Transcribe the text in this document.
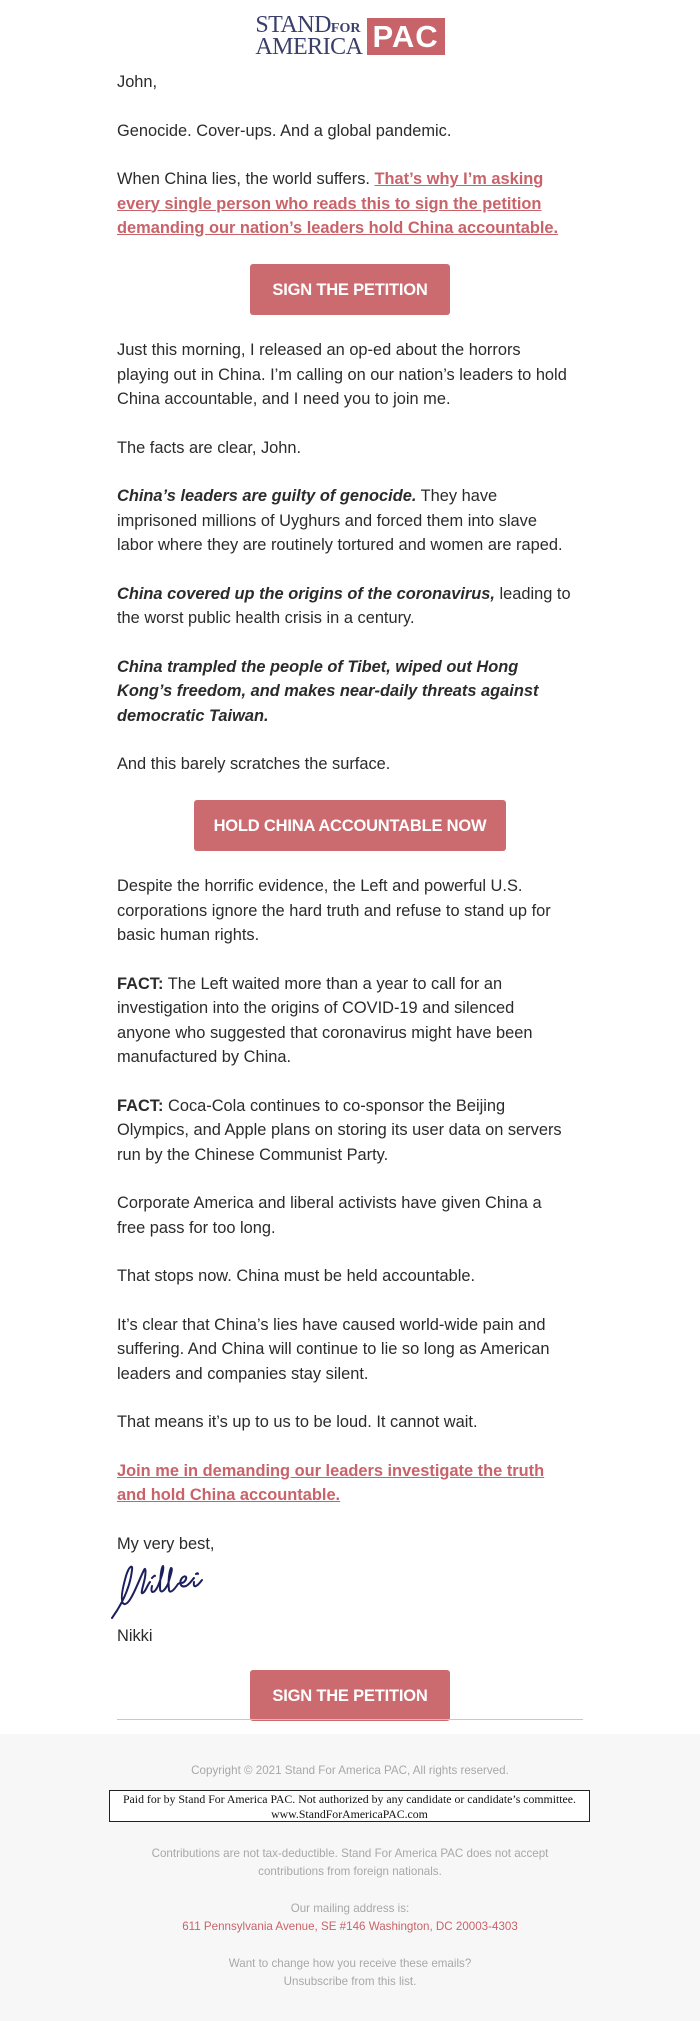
STANDFOR
AMERICA PAC

John,

Genocide. Cover-ups. And a global pandemic.

When China lies, the world suffers. That’s why I’m asking every single person who reads this to sign the petition demanding our nation’s leaders hold China accountable.

SIGN THE PETITION

Just this morning, I released an op-ed about the horrors playing out in China. I’m calling on our nation’s leaders to hold China accountable, and I need you to join me.

The facts are clear, John.

China’s leaders are guilty of genocide. They have imprisoned millions of Uyghurs and forced them into slave labor where they are routinely tortured and women are raped.

China covered up the origins of the coronavirus, leading to the worst public health crisis in a century.

China trampled the people of Tibet, wiped out Hong Kong’s freedom, and makes near-daily threats against democratic Taiwan.

And this barely scratches the surface.

HOLD CHINA ACCOUNTABLE NOW

Despite the horrific evidence, the Left and powerful U.S. corporations ignore the hard truth and refuse to stand up for basic human rights.

FACT: The Left waited more than a year to call for an investigation into the origins of COVID-19 and silenced anyone who suggested that coronavirus might have been manufactured by China.

FACT: Coca-Cola continues to co-sponsor the Beijing Olympics, and Apple plans on storing its user data on servers run by the Chinese Communist Party.

Corporate America and liberal activists have given China a free pass for too long.

That stops now. China must be held accountable.

It’s clear that China’s lies have caused world-wide pain and suffering. And China will continue to lie so long as American leaders and companies stay silent.

That means it’s up to us to be loud. It cannot wait.

Join me in demanding our leaders investigate the truth and hold China accountable.

My very best,

Nikki

SIGN THE PETITION
Copyright © 2021 Stand For America PAC, All rights reserved.
Paid for by Stand For America PAC. Not authorized by any candidate or candidate’s committee.
www.StandForAmericaPAC.com
Contributions are not tax-deductible. Stand For America PAC does not accept contributions from foreign nationals.
Our mailing address is:
611 Pennsylvania Avenue, SE #146 Washington, DC 20003-4303
Want to change how you receive these emails?
Unsubscribe from this list.
